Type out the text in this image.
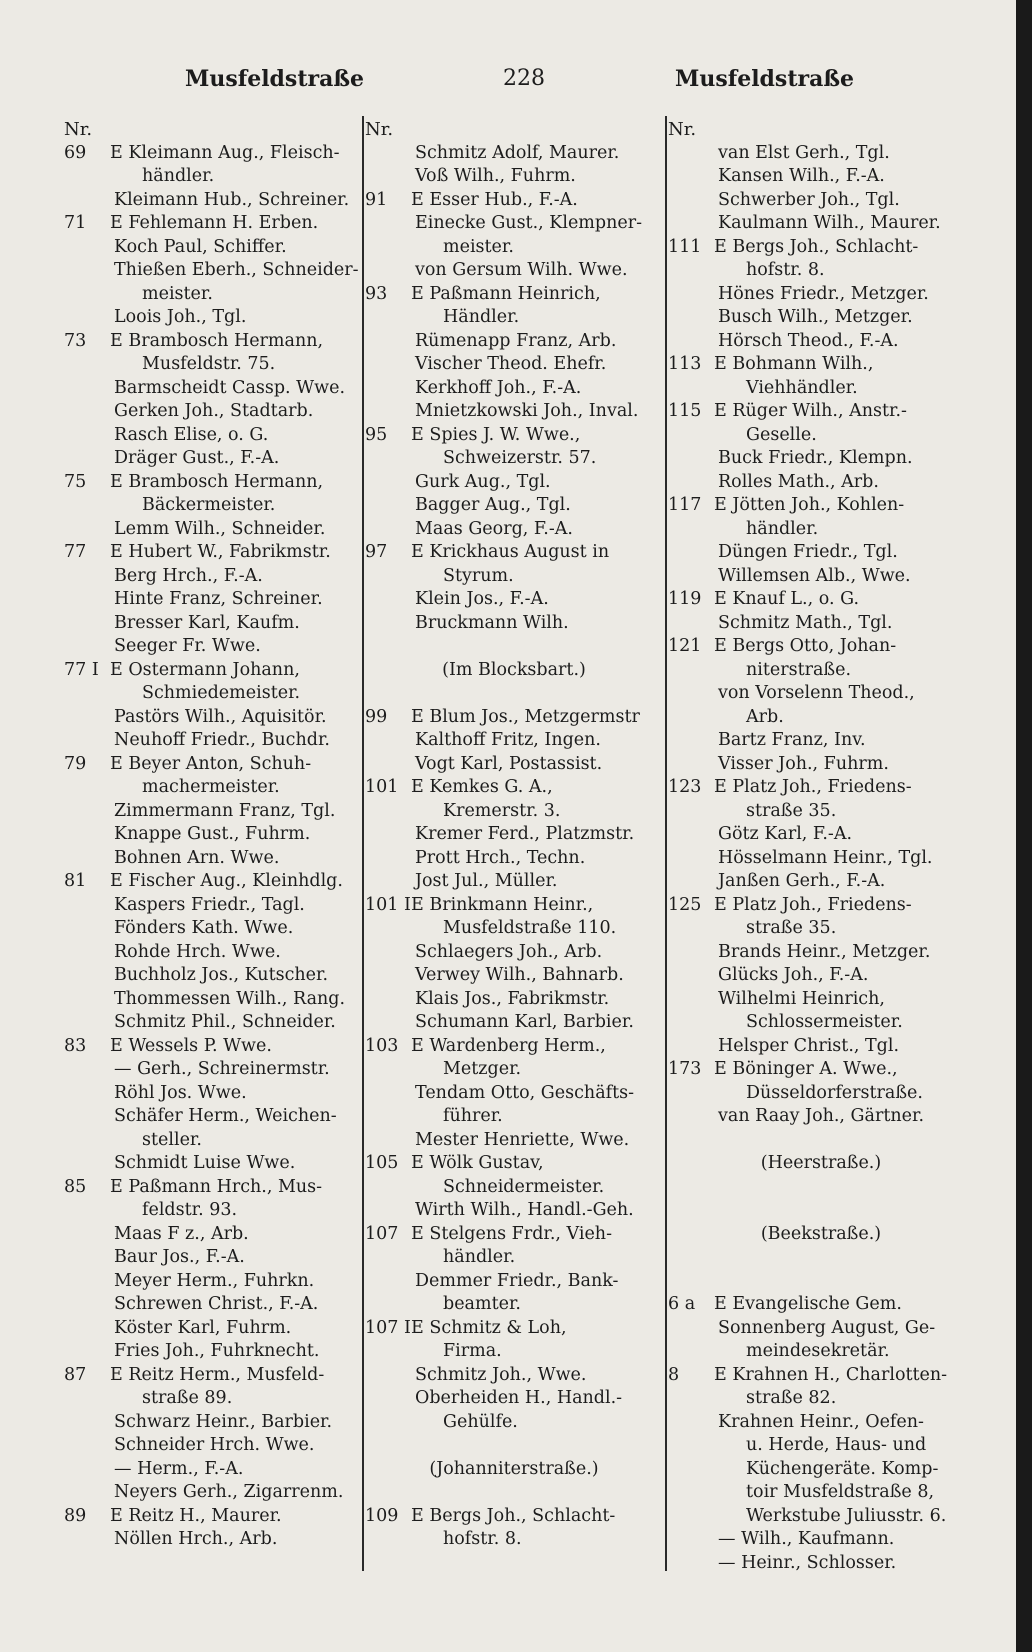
Musfeldstraße	228	Musfeldstraße
Nr.
69 E Kleimann Aug., Fleisch-
händler.
Kleimann Hub., Schreiner.
71 E Fehlemann H. Erben.
Koch Paul, Schiffer.
Thießen Eberh., Schneider-
meister.
Loois Joh., Tgl.
73 E Brambosch Hermann,
Musfeldstr. 75.
Barmscheidt Cassp. Wwe.
Gerken Joh., Stadtarb.
Rasch Elise, o. G.
Dräger Gust., F.-A.
75 E Brambosch Hermann,
Bäckermeister.
Lemm Wilh., Schneider.
77 E Hubert W., Fabrikmstr.
Berg Hrch., F.-A.
Hinte Franz, Schreiner.
Bresser Karl, Kaufm.
Seeger Fr. Wwe.
77 I E Ostermann Johann,
Schmiedemeister.
Pastörs Wilh., Aquisitör.
Neuhoff Friedr., Buchdr.
79 E Beyer Anton, Schuh-
machermeister.
Zimmermann Franz, Tgl.
Knappe Gust., Fuhrm.
Bohnen Arn. Wwe.
81 E Fischer Aug., Kleinhdlg.
Kaspers Friedr., Tagl.
Fönders Kath. Wwe.
Rohde Hrch. Wwe.
Buchholz Jos., Kutscher.
Thommessen Wilh., Rang.
Schmitz Phil., Schneider.
83 E Wessels P. Wwe.
— Gerh., Schreinermstr.
Röhl Jos. Wwe.
Schäfer Herm., Weichen-
steller.
Schmidt Luise Wwe.
85 E Paßmann Hrch., Mus-
feldstr. 93.
Maas F z., Arb.
Baur Jos., F.-A.
Meyer Herm., Fuhrkn.
Schrewen Christ., F.-A.
Köster Karl, Fuhrm.
Fries Joh., Fuhrknecht.
87 E Reitz Herm., Musfeld-
straße 89.
Schwarz Heinr., Barbier.
Schneider Hrch. Wwe.
— Herm., F.-A.
Neyers Gerh., Zigarrenm.
89 E Reitz H., Maurer.
Nöllen Hrch., Arb.
Nr.
Schmitz Adolf, Maurer.
Voß Wilh., Fuhrm.
91 E Esser Hub., F.-A.
Einecke Gust., Klempner-
meister.
von Gersum Wilh. Wwe.
93 E Paßmann Heinrich,
Händler.
Rümenapp Franz, Arb.
Vischer Theod. Ehefr.
Kerkhoff Joh., F.-A.
Mnietzkowski Joh., Inval.
95 E Spies J. W. Wwe.,
Schweizerstr. 57.
Gurk Aug., Tgl.
Bagger Aug., Tgl.
Maas Georg, F.-A.
97 E Krickhaus August in
Styrum.
Klein Jos., F.-A.
Bruckmann Wilh.
(Im Blocksbart.)
99 E Blum Jos., Metzgermstr
Kalthoff Fritz, Ingen.
Vogt Karl, Postassist.
101 E Kemkes G. A.,
Kremerstr. 3.
Kremer Ferd., Platzmstr.
Prott Hrch., Techn.
Jost Jul., Müller.
101 IE Brinkmann Heinr.,
Musfeldstraße 110.
Schlaegers Joh., Arb.
Verwey Wilh., Bahnarb.
Klais Jos., Fabrikmstr.
Schumann Karl, Barbier.
103 E Wardenberg Herm.,
Metzger.
Tendam Otto, Geschäfts-
führer.
Mester Henriette, Wwe.
105 E Wölk Gustav,
Schneidermeister.
Wirth Wilh., Handl.-Geh.
107 E Stelgens Frdr., Vieh-
händler.
Demmer Friedr., Bank-
beamter.
107 IE Schmitz & Loh,
Firma.
Schmitz Joh., Wwe.
Oberheiden H., Handl.-
Gehülfe.
(Johanniterstraße.)
109 E Bergs Joh., Schlacht-
hofstr. 8.
Nr.
van Elst Gerh., Tgl.
Kansen Wilh., F.-A.
Schwerber Joh., Tgl.
Kaulmann Wilh., Maurer.
111 E Bergs Joh., Schlacht-
hofstr. 8.
Hönes Friedr., Metzger.
Busch Wilh., Metzger.
Hörsch Theod., F.-A.
113 E Bohmann Wilh.,
Viehhändler.
115 E Rüger Wilh., Anstr.-
Geselle.
Buck Friedr., Klempn.
Rolles Math., Arb.
117 E Jötten Joh., Kohlen-
händler.
Düngen Friedr., Tgl.
Willemsen Alb., Wwe.
119 E Knauf L., o. G.
Schmitz Math., Tgl.
121 E Bergs Otto, Johan-
niterstraße.
von Vorselenn Theod.,
Arb.
Bartz Franz, Inv.
Visser Joh., Fuhrm.
123 E Platz Joh., Friedens-
straße 35.
Götz Karl, F.-A.
Hösselmann Heinr., Tgl.
Janßen Gerh., F.-A.
125 E Platz Joh., Friedens-
straße 35.
Brands Heinr., Metzger.
Glücks Joh., F.-A.
Wilhelmi Heinrich,
Schlossermeister.
Helsper Christ., Tgl.
173 E Böninger A. Wwe.,
Düsseldorferstraße.
van Raay Joh., Gärtner.
(Heerstraße.)
(Beekstraße.)
6 a E Evangelische Gem.
Sonnenberg August, Ge-
meindesekretär.
8 E Krahnen H., Charlotten-
straße 82.
Krahnen Heinr., Oefen-
u. Herde, Haus- und
Küchengeräte. Komp-
toir Musfeldstraße 8,
Werkstube Juliusstr. 6.
— Wilh., Kaufmann.
— Heinr., Schlosser.
